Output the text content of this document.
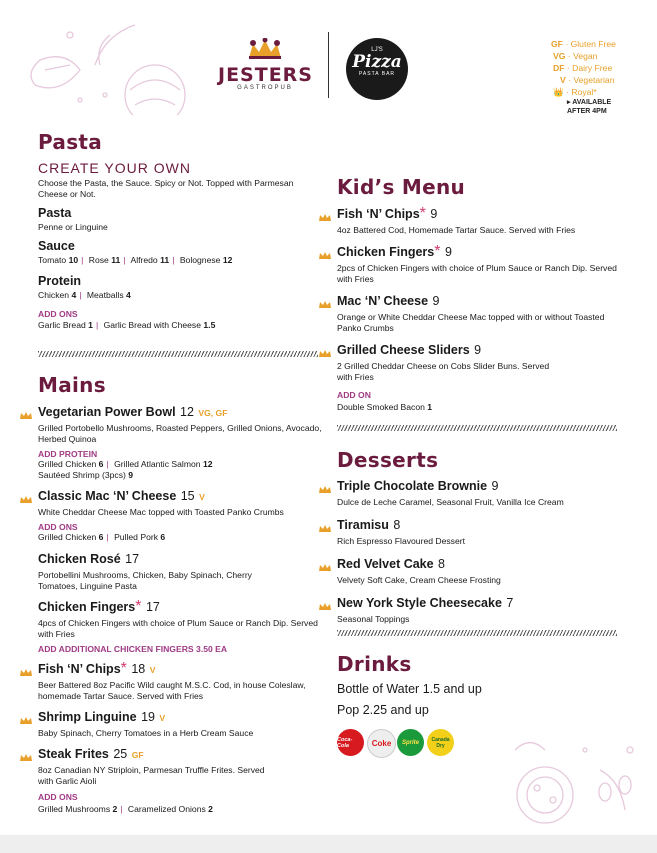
JESTERS
GASTROPUB
LJ'S
Pizza
PASTA BAR
GF · Gluten Free
VG · Vegan
DF · Dairy Free
V · Vegetarian
👑 · Royal*
▸ AVAILABLE AFTER 4PM
Pasta
CREATE YOUR OWN
Choose the Pasta, the Sauce. Spicy or Not. Topped with Parmesan Cheese or Not.
Pasta
Penne or Linguine
Sauce
Tomato 10 | Rose 11 | Alfredo 11 | Bolognese 12
Protein
Chicken 4 | Meatballs 4
ADD ONS
Garlic Bread 1 | Garlic Bread with Cheese 1.5
Mains
Vegetarian Power Bowl 12 VG, GF
Grilled Portobello Mushrooms, Roasted Peppers, Grilled Onions, Avocado, Herbed Quinoa
ADD PROTEIN
Grilled Chicken 6 | Grilled Atlantic Salmon 12
Sautéed Shrimp (3pcs) 9
Classic Mac ‘N’ Cheese 15 V
White Cheddar Cheese Mac topped with Toasted Panko Crumbs
ADD ONS
Grilled Chicken 6 | Pulled Pork 6
Chicken Rosé 17
Portobellini Mushrooms, Chicken, Baby Spinach, Cherry Tomatoes, Linguine Pasta
Chicken Fingers* 17
4pcs of Chicken Fingers with choice of Plum Sauce or Ranch Dip. Served with Fries
ADD ADDITIONAL CHICKEN FINGERS 3.50 EA
Fish ‘N’ Chips* 18 V
Beer Battered 8oz Pacific Wild caught M.S.C. Cod, in house Coleslaw, homemade Tartar Sauce. Served with Fries
Shrimp Linguine 19 V
Baby Spinach, Cherry Tomatoes in a Herb Cream Sauce
Steak Frites 25 GF
8oz Canadian NY Striploin, Parmesan Truffle Frites. Served with Garlic Aioli
ADD ONS
Grilled Mushrooms 2 | Caramelized Onions 2
Kid’s Menu
Fish ‘N’ Chips* 9
4oz Battered Cod, Homemade Tartar Sauce. Served with Fries
Chicken Fingers* 9
2pcs of Chicken Fingers with choice of Plum Sauce or Ranch Dip. Served with Fries
Mac ‘N’ Cheese 9
Orange or White Cheddar Cheese Mac topped with or without Toasted Panko Crumbs
Grilled Cheese Sliders 9
2 Grilled Cheddar Cheese on Cobs Slider Buns. Served with Fries
ADD ON
Double Smoked Bacon 1
Desserts
Triple Chocolate Brownie 9
Dulce de Leche Caramel, Seasonal Fruit, Vanilla Ice Cream
Tiramisu 8
Rich Espresso Flavoured Dessert
Red Velvet Cake 8
Velvety Soft Cake, Cream Cheese Frosting
New York Style Cheesecake 7
Seasonal Toppings
Drinks
Bottle of Water 1.5 and up
Pop 2.25 and up
Coca-Cola	Coke Sprite	Canada Dry
